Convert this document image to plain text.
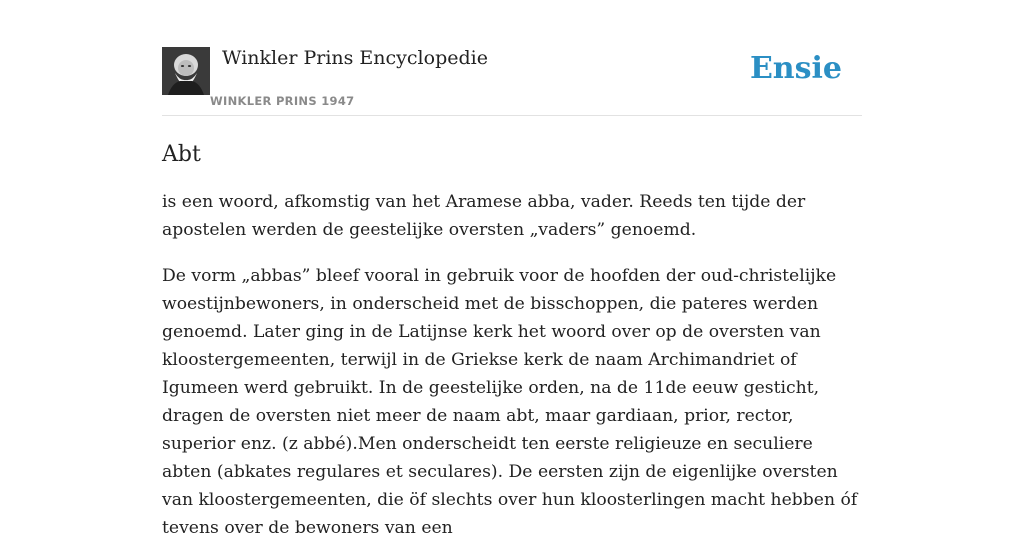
Winkler Prins Encyclopedie
WINKLER PRINS 1947
Ensie
Abt

is een woord, afkomstig van het Aramese abba, vader. Reeds ten tijde der apostelen werden de geestelijke oversten „vaders” genoemd.

De vorm „abbas” bleef vooral in gebruik voor de hoofden der oud-christelijke woestijnbewoners, in onderscheid met de bisschoppen, die pateres werden genoemd. Later ging in de Latijnse kerk het woord over op de oversten van kloostergemeenten, terwijl in de Griekse kerk de naam Archimandriet of Igumeen werd gebruikt. In de geestelijke orden, na de 11de eeuw gesticht, dragen de oversten niet meer de naam abt, maar gardiaan, prior, rector, superior enz. (z abbé).Men onderscheidt ten eerste religieuze en seculiere abten (abkates regulares et seculares). De eersten zijn de eigenlijke oversten van kloostergemeenten, die öf slechts over hun kloosterlingen macht hebben óf tevens over de bewoners van een
